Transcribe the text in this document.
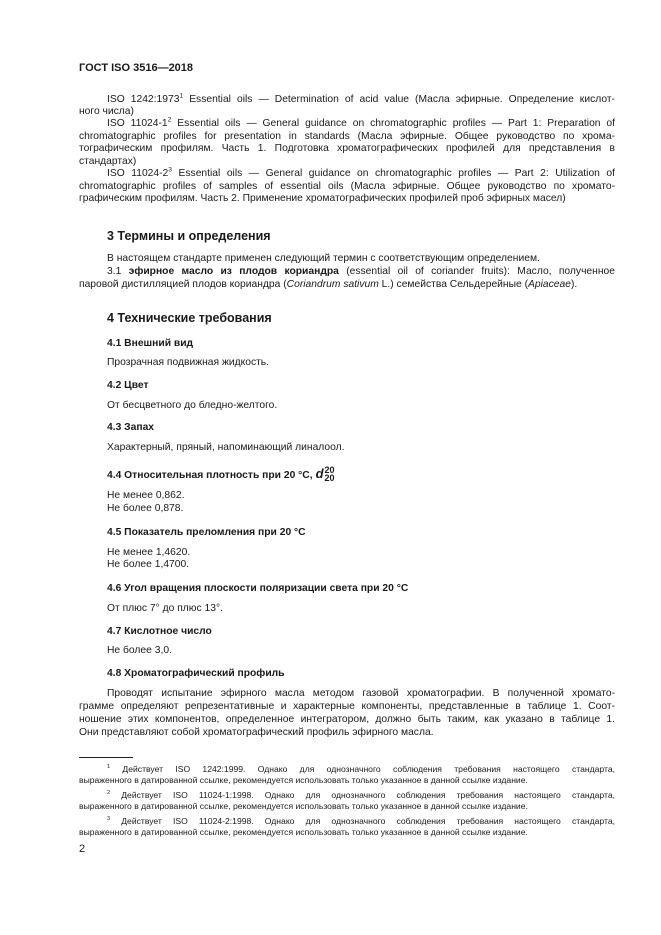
ГОСТ ISO 3516—2018
ISO 1242:1973$^1$ Essential oils — Determination of acid value (Масла эфирные. Определение кислот-
ного числа)
ISO $11024-1^2$ Essential oils — General guidance on chromatographic profiles — Part 1: Preparation of
chromatographic profiles for presentation in standards (Масла эфирные. Общее руководство по хрома-
тографическим профилям. Часть 1. Подготовка хроматографических профилей для представления в
стандартах)
ISO $11024-2^3$ Essential oils — General guidance on chromatographic profiles — Part 2: Utilization of
chromatographic profiles of samples of essential oils (Масла эфирные. Общее руководство по хромато-
графическим профилям. Часть 2. Применение хроматографических профилей проб эфирных масел)
3 Термины и определения
В настоящем стандарте применен следующий термин с соответствующим определением.
3.1 эфирное масло из плодов кориандра (essential oil of coriander fruits): Масло, полученное
паровой дистилляцией плодов кориандра (Coriandrum sativum L.) семейства Сельдерейные (Apiaceae).
4 Технические требования
4.1 Внешний вид
Прозрачная подвижная жидкость.
4.2 Цвет
От бесцветного до бледно-желтого.
4.3 Запах
Характерный, пряный, напоминающий линалоол.
4.4 Относительная плотность при 20 °С, d 20
20
Не менее 0,862.
Не более 0,878.
4.5 Показатель преломления при 20 °С
Не менее 1,4620.
Не более 1,4700.
4.6 Угол вращения плоскости поляризации света при 20 °С
От плюс 7° до плюс 13°.
4.7 Кислотное число
Не более 3,0.
4.8 Хроматографический профиль
Проводят испытание эфирного масла методом газовой хроматографии. В полученной хромато-
грамме определяют репрезентативные и характерные компоненты, представленные в таблице 1. Соот-
ношение этих компонентов, определенное интегратором, должно быть таким, как указано в таблице 1.
Они представляют собой хроматографический профиль эфирного масла.
$^1$ Действует ISO 1242:1999. Однако для однозначного соблюдения требования настоящего стандарта,
выраженного в датированной ссылке, рекомендуется использовать только указанное в данной ссылке издание.
$^2$ Действует ISO 11024-1:1998. Однако для однозначного соблюдения требования настоящего стандарта,
выраженного в датированной ссылке, рекомендуется использовать только указанное в данной ссылке издание.
$^3$ Действует ISO 11024-2:1998. Однако для однозначного соблюдения требования настоящего стандарта,
выраженного в датированной ссылке, рекомендуется использовать только указанное в данной ссылке издание.
2
